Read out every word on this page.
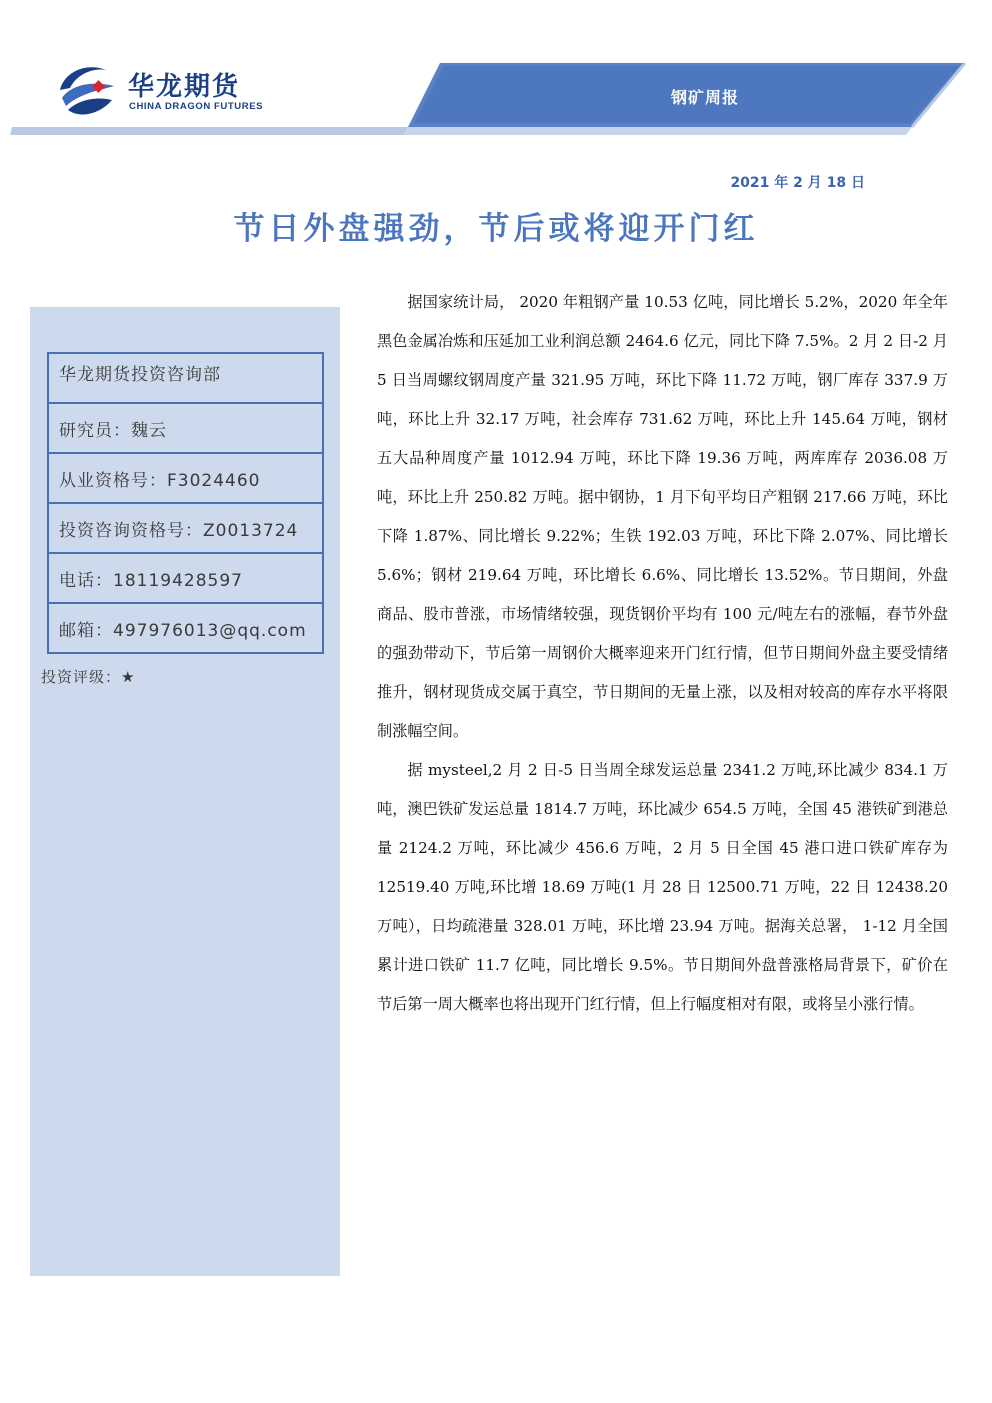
华龙期货
CHINA DRAGON FUTURES	钢矿周报
2021 年 2 月 18 日
节日外盘强劲，节后或将迎开门红
华龙期货投资咨询部
研究员：魏云
从业资格号：F3024460
投资咨询资格号：Z0013724
电话：18119428597
邮箱：497976013@qq.com
投资评级：★

据国家统计局， 2020 年粗钢产量 10.53 亿吨，同比增长 5.2%，2020 年全年黑色金属冶炼和压延加工业利润总额 2464.6 亿元，同比下降 7.5%。2 月 2 日-2 月 5 日当周螺纹钢周度产量 321.95 万吨，环比下降 11.72 万吨，钢厂库存 337.9 万吨，环比上升 32.17 万吨，社会库存 731.62 万吨，环比上升 145.64 万吨，钢材五大品种周度产量 1012.94 万吨，环比下降 19.36 万吨，两库库存 2036.08 万吨，环比上升 250.82 万吨。据中钢协，1 月下旬平均日产粗钢 217.66 万吨，环比下降 1.87%、同比增长 9.22%；生铁 192.03 万吨，环比下降 2.07%、同比增长 5.6%；钢材 219.64 万吨，环比增长 6.6%、同比增长 13.52%。节日期间，外盘商品、股市普涨，市场情绪较强，现货钢价平均有 100 元/吨左右的涨幅，春节外盘的强劲带动下，节后第一周钢价大概率迎来开门红行情，但节日期间外盘主要受情绪推升，钢材现货成交属于真空，节日期间的无量上涨，以及相对较高的库存水平将限制涨幅空间。

据 mysteel,2 月 2 日-5 日当周全球发运总量 2341.2 万吨,环比减少 834.1 万吨，澳巴铁矿发运总量 1814.7 万吨，环比减少 654.5 万吨，全国 45 港铁矿到港总量 2124.2 万吨，环比减少 456.6 万吨，2 月 5 日全国 45 港口进口铁矿库存为 12519.40 万吨,环比增 18.69 万吨(1 月 28 日 12500.71 万吨，22 日 12438.20 万吨），日均疏港量 328.01 万吨，环比增 23.94 万吨。据海关总署， 1-12 月全国累计进口铁矿 11.7 亿吨，同比增长 9.5%。节日期间外盘普涨格局背景下，矿价在节后第一周大概率也将出现开门红行情，但上行幅度相对有限，或将呈小涨行情。
